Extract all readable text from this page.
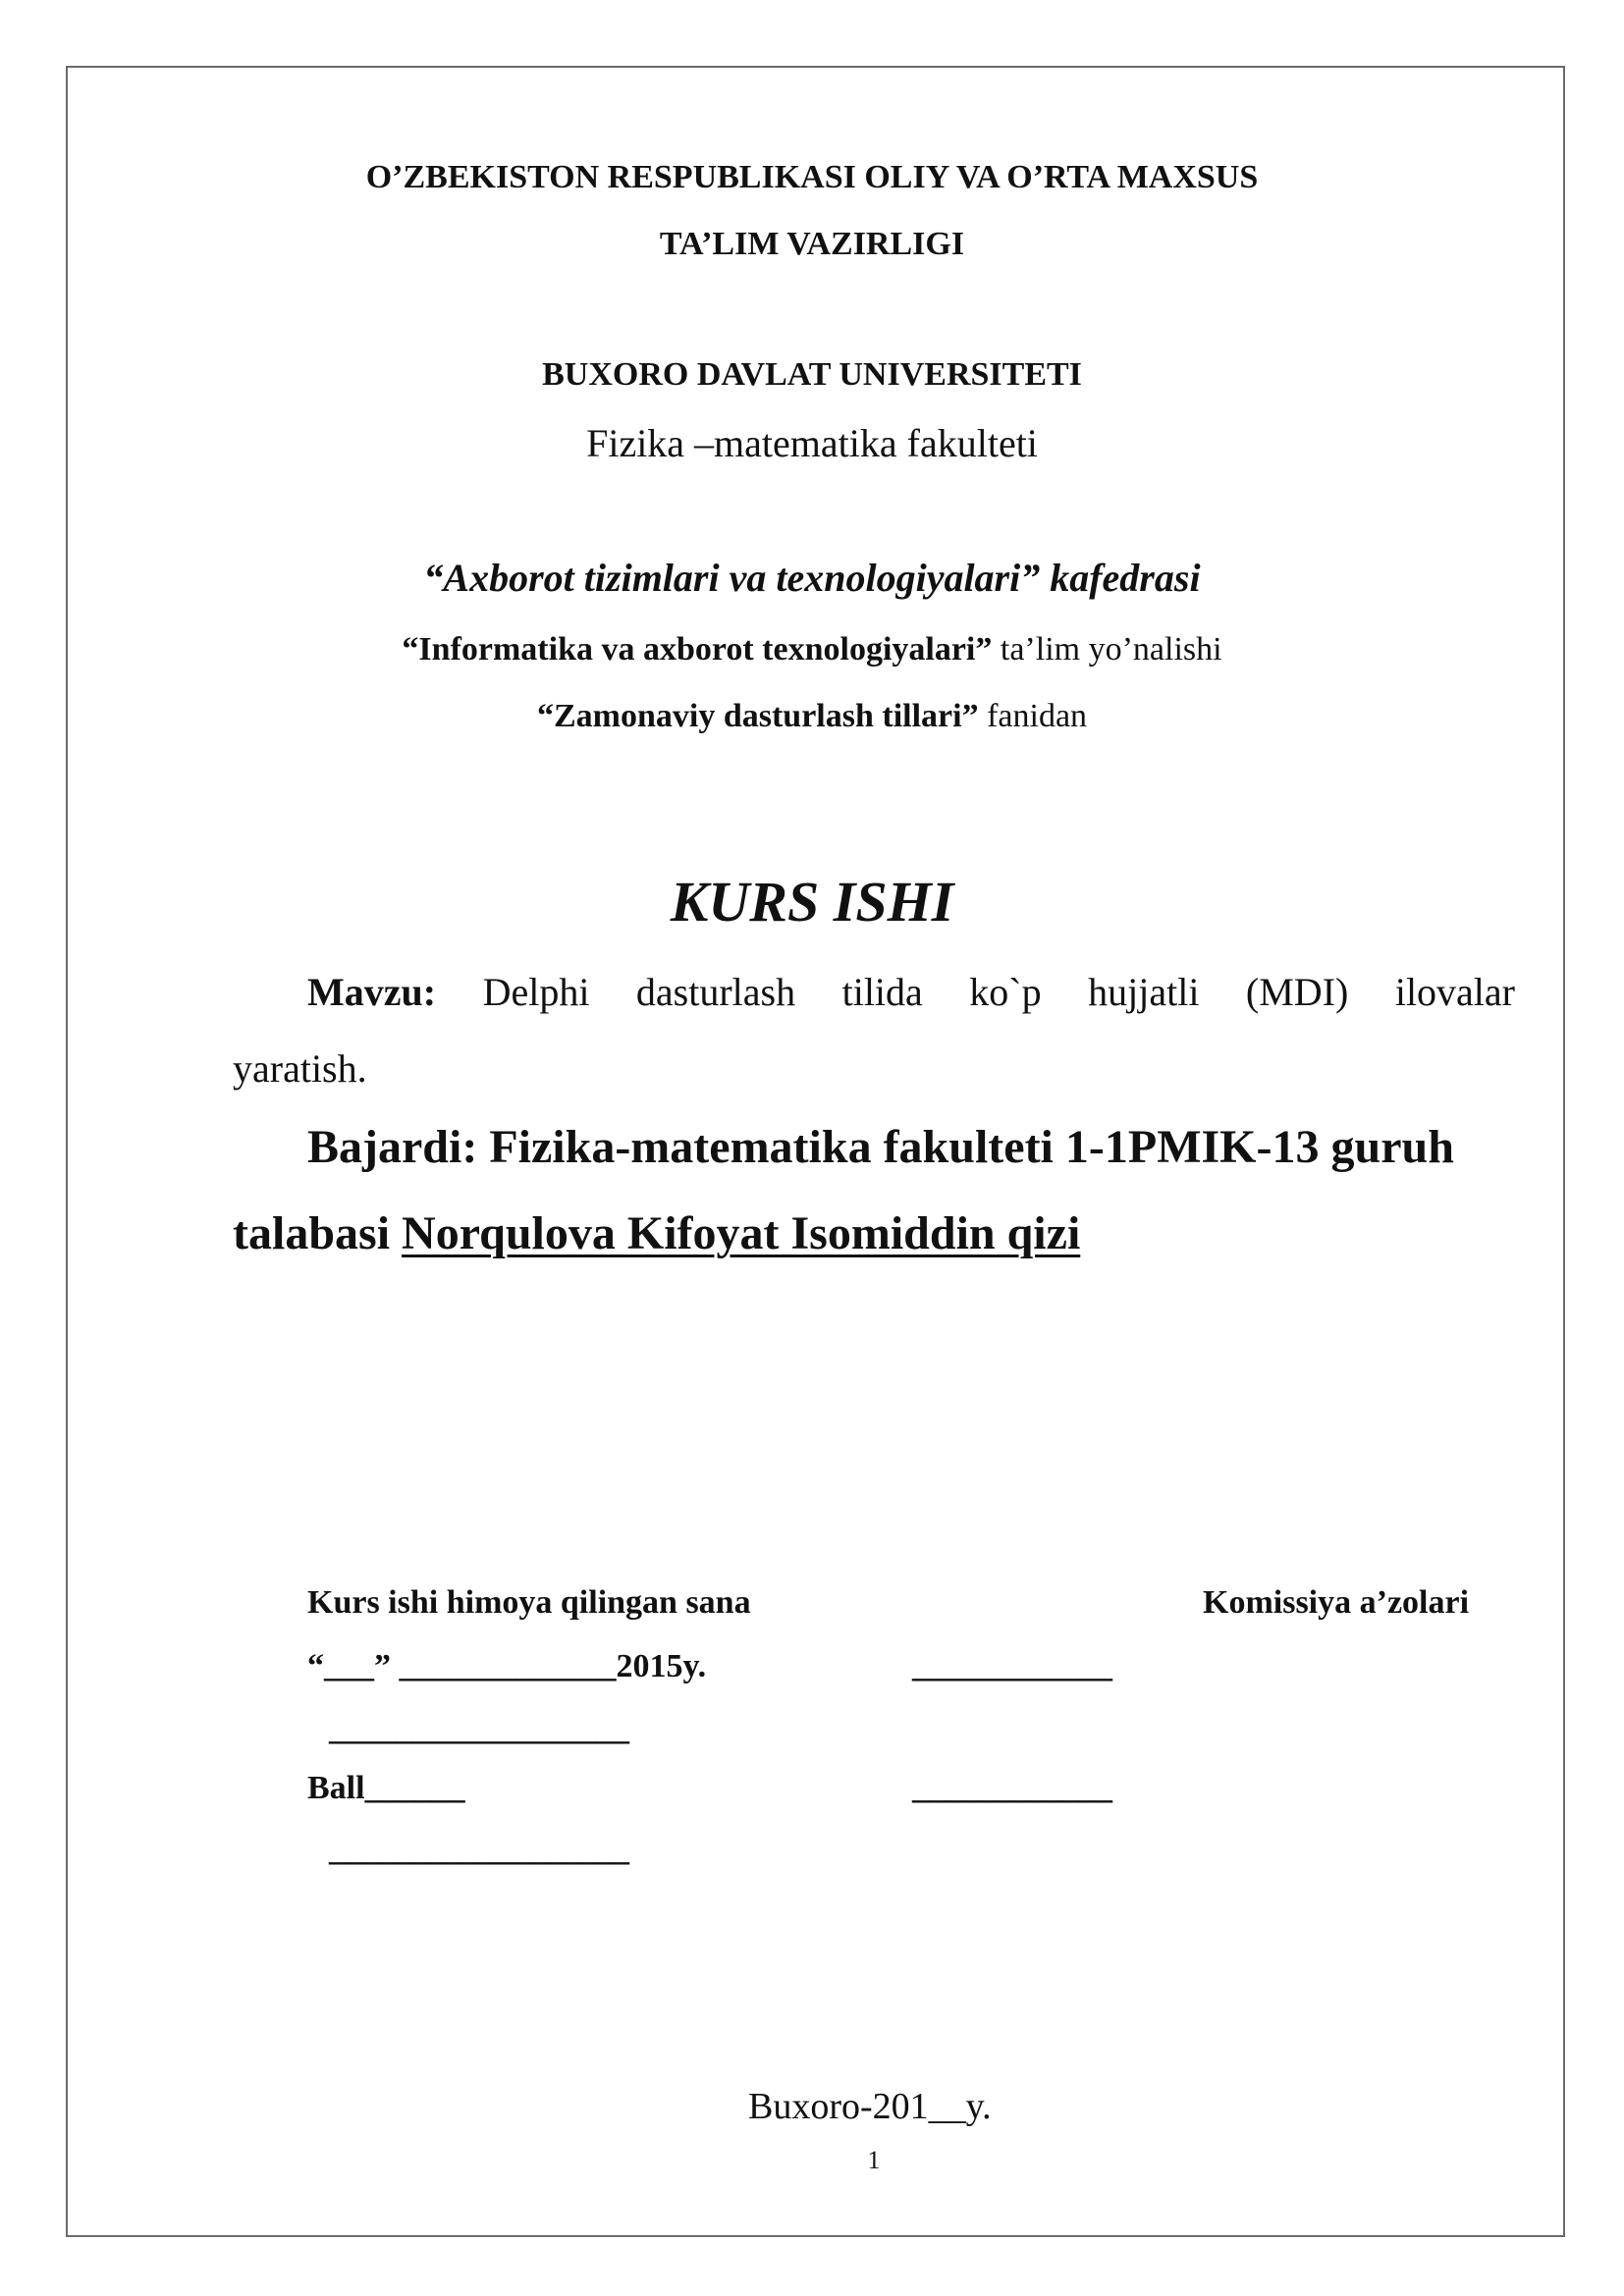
O’ZBEKISTON RESPUBLIKASI OLIY VA O’RTA MAXSUS
TA’LIM VAZIRLIGI
BUXORO DAVLAT UNIVERSITETI
Fizika –matematika fakulteti
“Axborot tizimlari va texnologiyalari” kafedrasi
“Informatika va axborot texnologiyalari” ta’lim yo’nalishi
“Zamonaviy dasturlash tillari” fanidan
KURS ISHI
Mavzu: Delphi dasturlash tilida ko`p hujjatli (MDI) ilovalar
yaratish.
Bajardi: Fizika-matematika fakulteti 1-1PMIK-13 guruh
talabasi Norqulova Kifoyat Isomiddin qizi
Kurs ishi himoya qilingan sana	Komissiya a’zolari
“___” _____________2015y.	____________
__________________
Ball______	____________
__________________
Buxoro-201__y.
1
